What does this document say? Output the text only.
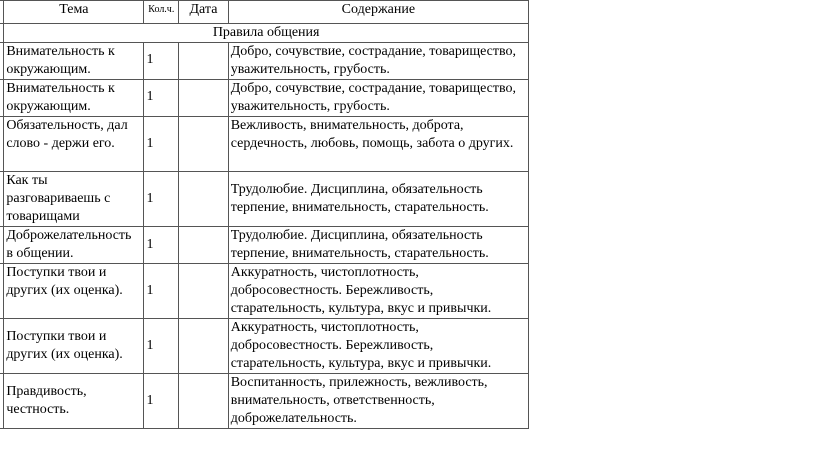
	Тема	Кол.ч.	Дата	Содержание
	Правила общения			
	Внимательность к окружающим.	1		Добро, сочувствие, сострадание, товарищество, уважительность, грубость.
	Внимательность к окружающим.	1		Добро, сочувствие, сострадание, товарищество, уважительность, грубость.
	Обязательность, дал слово - держи его.	1		Вежливость, внимательность, доброта, сердечность, любовь, помощь, забота о других.
	Как ты разговариваешь с товарищами	1		Трудолюбие. Дисциплина, обязательность терпение, внимательность, старательность.
	Доброжелательность в общении.	1		Трудолюбие. Дисциплина, обязательность терпение, внимательность, старательность.
	Поступки твои и других (их оценка).	1		Аккуратность, чистоплотность, добросовестность. Бережливость, старательность, культура, вкус и привычки.
	Поступки твои и других (их оценка).	1		Аккуратность, чистоплотность, добросовестность. Бережливость, старательность, культура, вкус и привычки.
	Правдивость, честность.	1		Воспитанность, прилежность, вежливость, внимательность, ответственность, доброжелательность.
